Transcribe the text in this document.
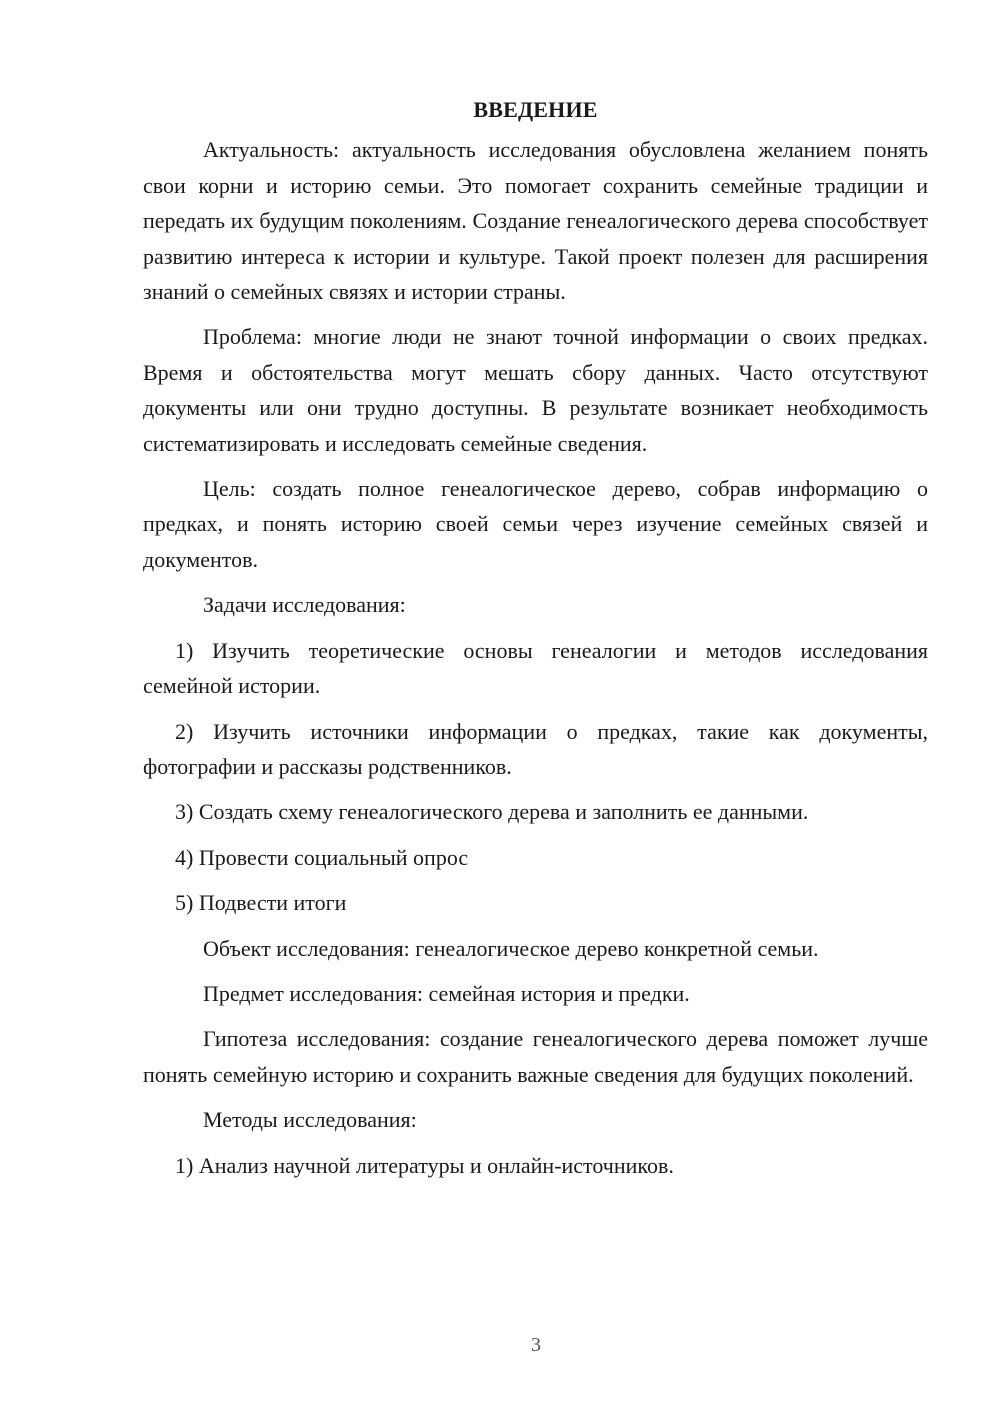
ВВЕДЕНИЕ
Актуальность: актуальность исследования обусловлена желанием понять свои корни и историю семьи. Это помогает сохранить семейные традиции и передать их будущим поколениям. Создание генеалогического дерева способствует развитию интереса к истории и культуре. Такой проект полезен для расширения знаний о семейных связях и истории страны.
Проблема: многие люди не знают точной информации о своих предках. Время и обстоятельства могут мешать сбору данных. Часто отсутствуют документы или они трудно доступны. В результате возникает необходимость систематизировать и исследовать семейные сведения.
Цель: создать полное генеалогическое дерево, собрав информацию о предках, и понять историю своей семьи через изучение семейных связей и документов.
Задачи исследования:
1) Изучить теоретические основы генеалогии и методов исследования семейной истории.
2) Изучить источники информации о предках, такие как документы, фотографии и рассказы родственников.
3) Создать схему генеалогического дерева и заполнить ее данными.
4) Провести социальный опрос
5) Подвести итоги
Объект исследования: генеалогическое дерево конкретной семьи.
Предмет исследования: семейная история и предки.
Гипотеза исследования: создание генеалогического дерева поможет лучше понять семейную историю и сохранить важные сведения для будущих поколений.
Методы исследования:
1) Анализ научной литературы и онлайн-источников.
3
